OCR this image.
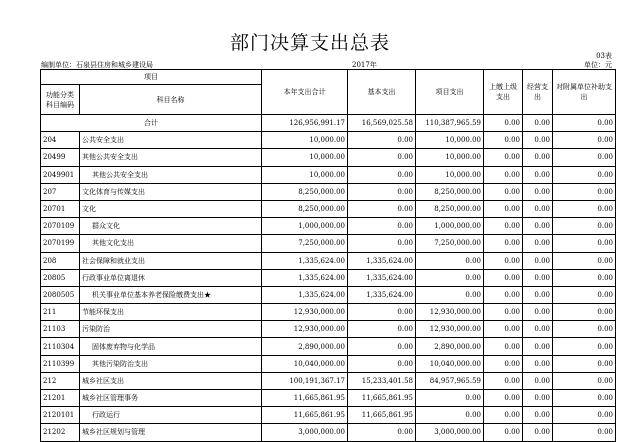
部门决算支出总表
03表
编制单位：石泉县住房和城乡建设局	2017年	单位：元
项目		本年支出合计	基本支出	项目支出	上缴上级支出	经营支出	对附属单位补助支出
功能分类科目编码	科目名称						
合计		126,956,991.17	16,569,025.58	110,387,965.59	0.00	0.00	0.00
204	公共安全支出	10,000.00	0.00	10,000.00	0.00	0.00	0.00
20499	其他公共安全支出	10,000.00	0.00	10,000.00	0.00	0.00	0.00
2049901	其他公共安全支出	10,000.00	0.00	10,000.00	0.00	0.00	0.00
207	文化体育与传媒支出	8,250,000.00	0.00	8,250,000.00	0.00	0.00	0.00
20701	文化	8,250,000.00	0.00	8,250,000.00	0.00	0.00	0.00
2070109	群众文化	1,000,000.00	0.00	1,000,000.00	0.00	0.00	0.00
2070199	其他文化支出	7,250,000.00	0.00	7,250,000.00	0.00	0.00	0.00
208	社会保障和就业支出	1,335,624.00	1,335,624.00	0.00	0.00	0.00	0.00
20805	行政事业单位离退休	1,335,624.00	1,335,624.00	0.00	0.00	0.00	0.00
2080505	机关事业单位基本养老保险缴费支出★	1,335,624.00	1,335,624.00	0.00	0.00	0.00	0.00
211	节能环保支出	12,930,000.00	0.00	12,930,000.00	0.00	0.00	0.00
21103	污染防治	12,930,000.00	0.00	12,930,000.00	0.00	0.00	0.00
2110304	固体废弃物与化学品	2,890,000.00	0.00	2,890,000.00	0.00	0.00	0.00
2110399	其他污染防治支出	10,040,000.00	0.00	10,040,000.00	0.00	0.00	0.00
212	城乡社区支出	100,191,367.17	15,233,401.58	84,957,965.59	0.00	0.00	0.00
21201	城乡社区管理事务	11,665,861.95	11,665,861.95	0.00	0.00	0.00	0.00
2120101	行政运行	11,665,861.95	11,665,861.95	0.00	0.00	0.00	0.00
21202	城乡社区规划与管理	3,000,000.00	0.00	3,000,000.00	0.00	0.00	0.00
